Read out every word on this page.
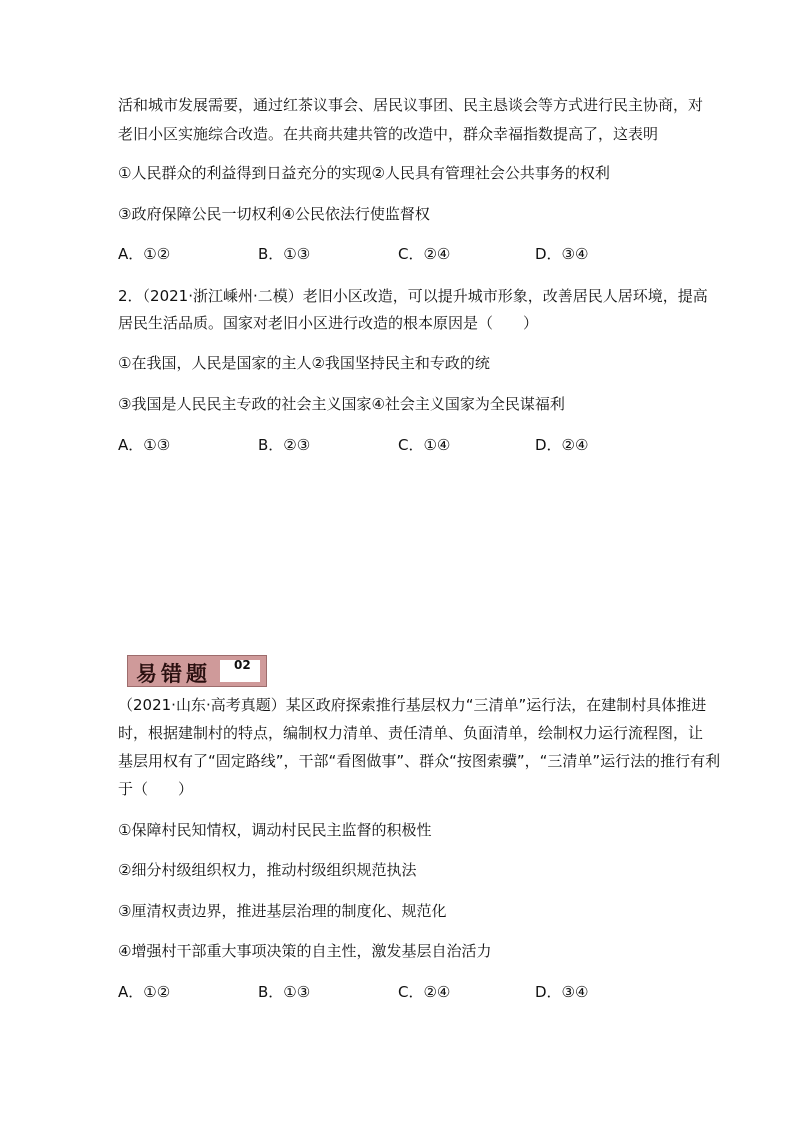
活和城市发展需要，通过红茶议事会、居民议事团、民主恳谈会等方式进行民主协商，对
老旧小区实施综合改造。在共商共建共管的改造中，群众幸福指数提高了，这表明
①人民群众的利益得到日益充分的实现②人民具有管理社会公共事务的权利
③政府保障公民一切权利④公民依法行使监督权
A．①②	B．①③	C．②④	D．③④
2．（2021·浙江嵊州·二模）老旧小区改造，可以提升城市形象，改善居民人居环境，提高
居民生活品质。国家对老旧小区进行改造的根本原因是（　　）
①在我国，人民是国家的主人②我国坚持民主和专政的统
③我国是人民民主专政的社会主义国家④社会主义国家为全民谋福利
A．①③	B．②③	C．①④	D．②④
易错题 02
（2021·山东·高考真题）某区政府探索推行基层权力“三清单”运行法，在建制村具体推进
时，根据建制村的特点，编制权力清单、责任清单、负面清单，绘制权力运行流程图，让
基层用权有了“固定路线”，干部“看图做事”、群众“按图索骥”，“三清单”运行法的推行有利
于（　　）
①保障村民知情权，调动村民民主监督的积极性
②细分村级组织权力，推动村级组织规范执法
③厘清权责边界，推进基层治理的制度化、规范化
④增强村干部重大事项决策的自主性，激发基层自治活力
A．①②	B．①③	C．②④	D．③④
